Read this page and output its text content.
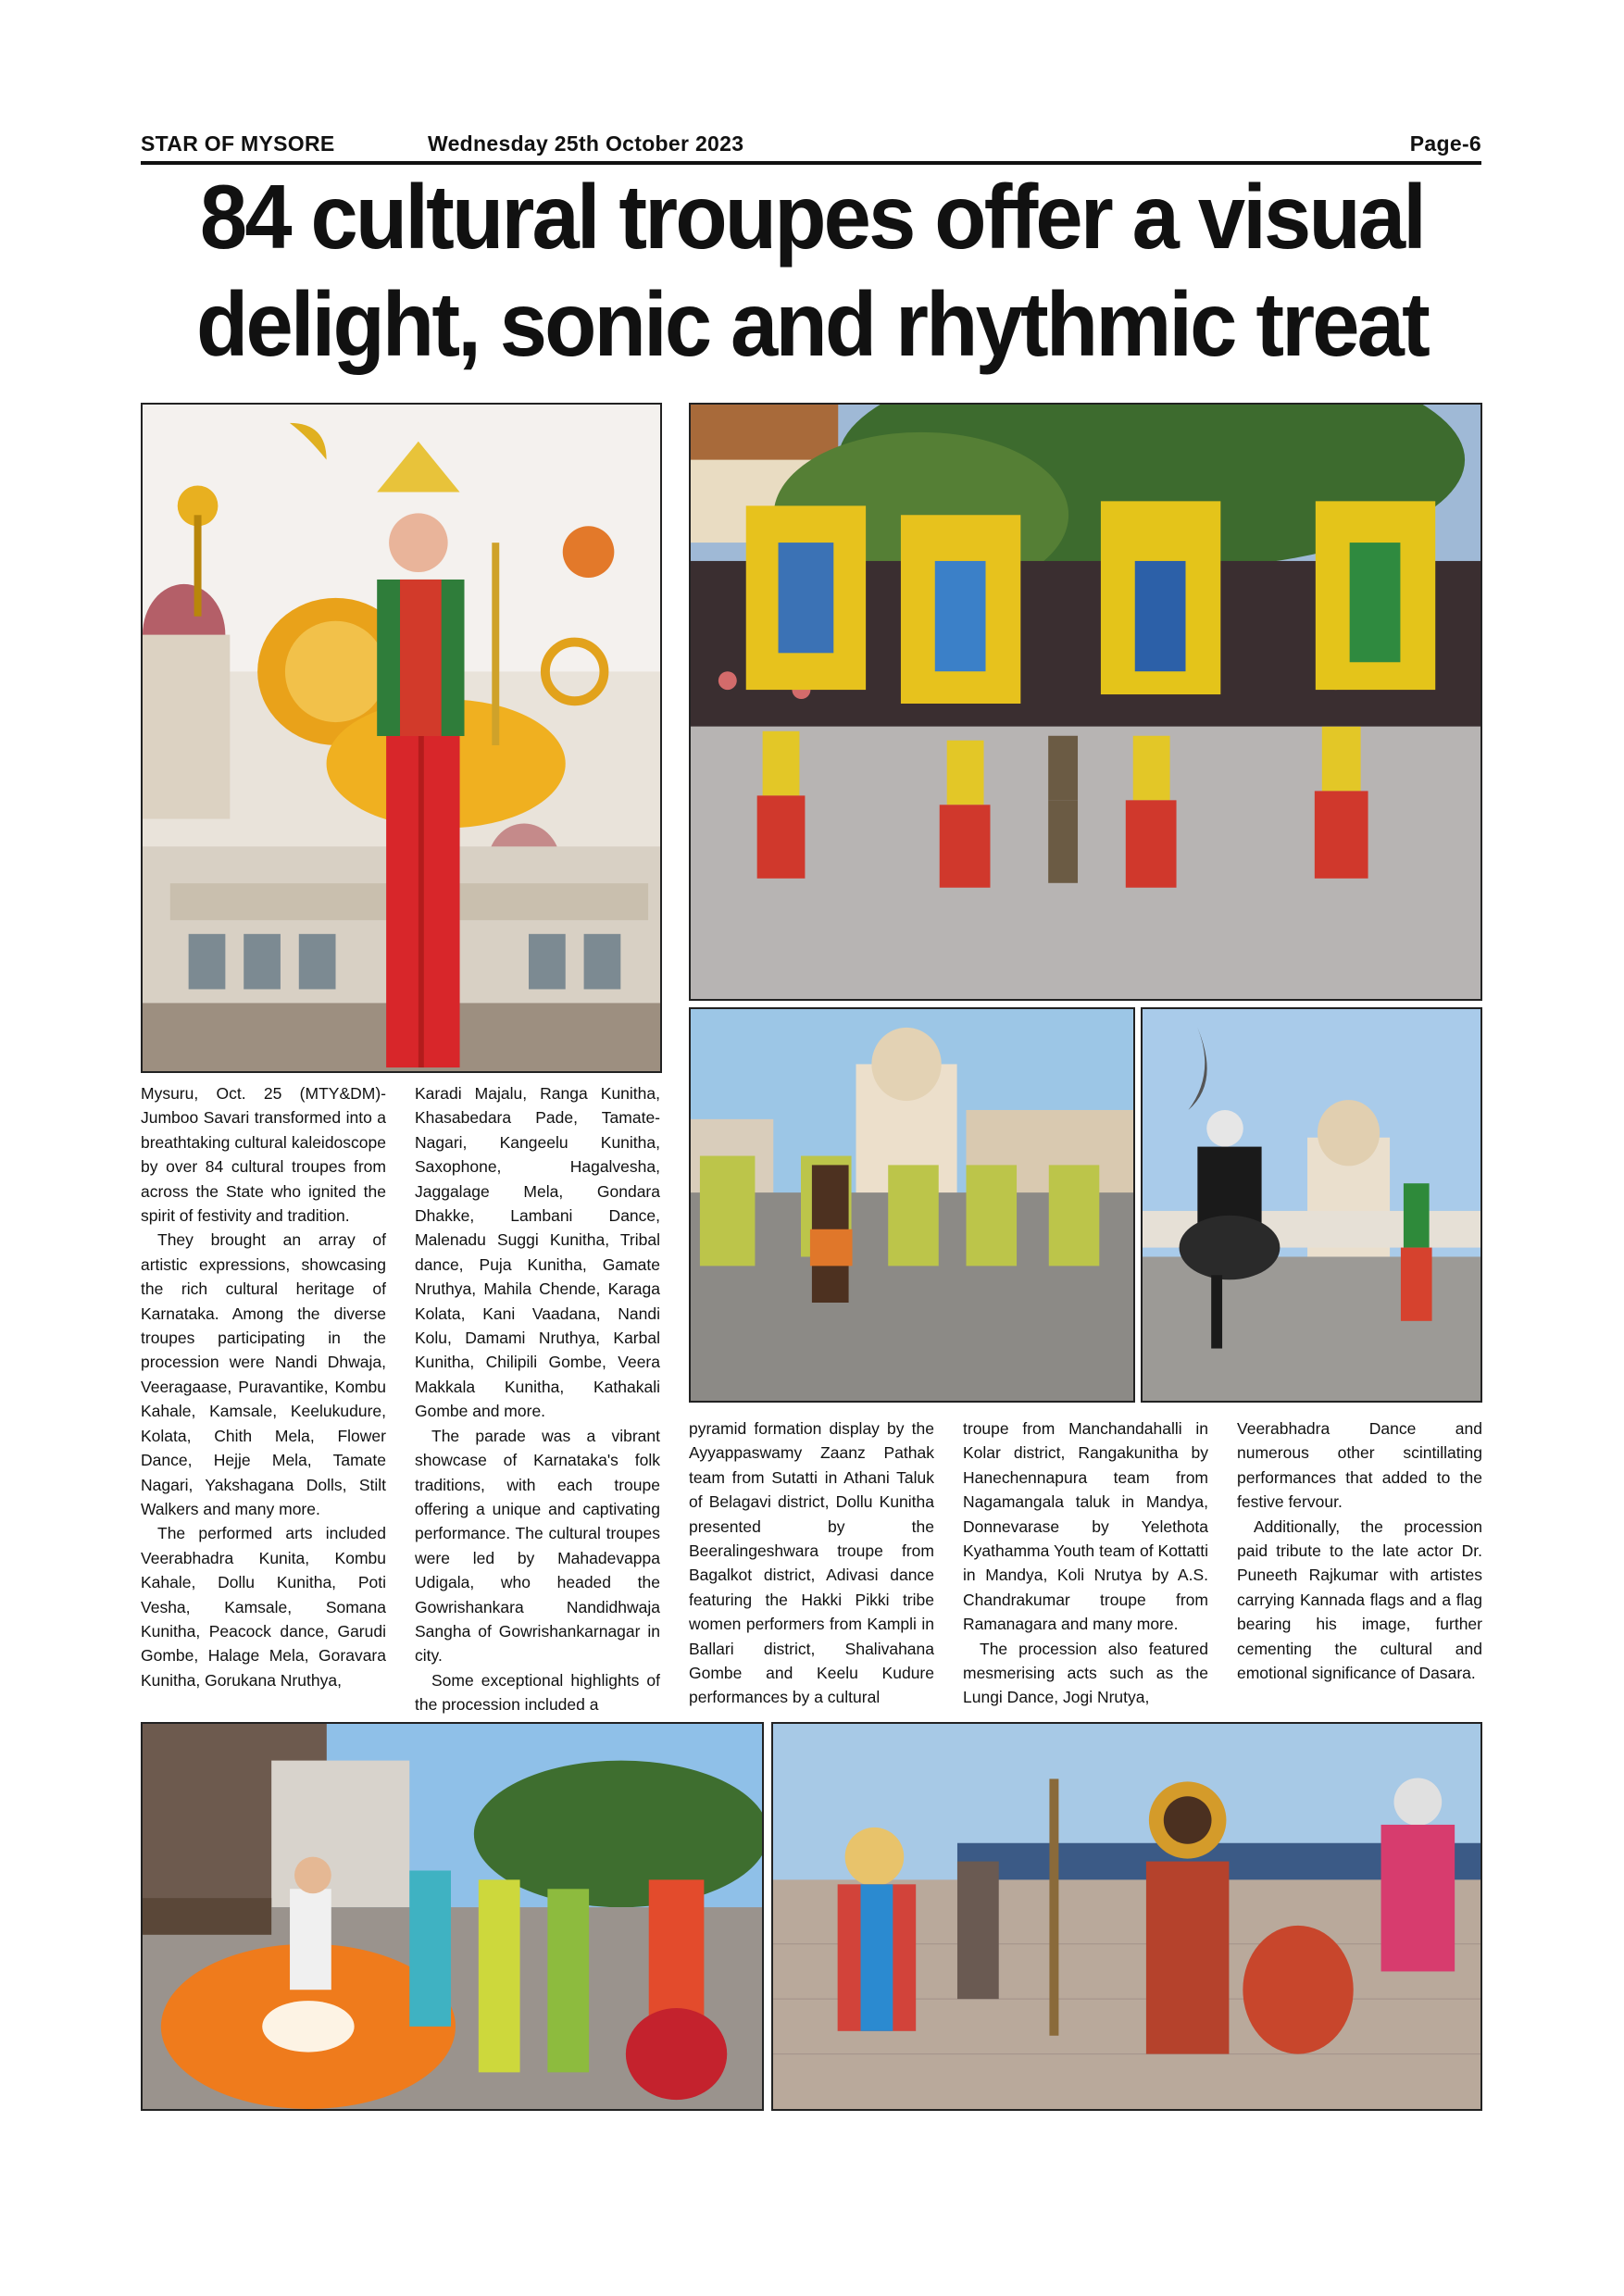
STAR OF MYSORE	Wednesday 25th October 2023	Page-6
84 cultural troupes offer a visual
delight, sonic and rhythmic treat

Mysuru, Oct. 25 (MTY&DM)- Jumboo Savari transformed into a breathtaking cultural kaleidoscope by over 84 cultural troupes from across the State who ignited the spirit of festivity and tradition.

They brought an array of artistic expressions, showcasing the rich cultural heritage of Karnataka. Among the diverse troupes participating in the procession were Nandi Dhwaja, Veeragaase, Puravantike, Kombu Kahale, Kamsale, Keelukudure, Kolata, Chith Mela, Flower Dance, Hejje Mela, Tamate Nagari, Yakshagana Dolls, Stilt Walkers and many more.

The performed arts included Veerabhadra Kunita, Kombu Kahale, Dollu Kunitha, Poti Vesha, Kamsale, Somana Kunitha, Peacock dance, Garudi Gombe, Halage Mela, Goravara Kunitha, Gorukana Nruthya,

Karadi Majalu, Ranga Kunitha, Khasabedara Pade, Tamate-Nagari, Kangeelu Kunitha, Saxophone, Hagalvesha, Jaggalage Mela, Gondara Dhakke, Lambani Dance, Malenadu Suggi Kunitha, Tribal dance, Puja Kunitha, Gamate Nruthya, Mahila Chende, Karaga Kolata, Kani Vaadana, Nandi Kolu, Damami Nruthya, Karbal Kunitha, Chilipili Gombe, Veera Makkala Kunitha, Kathakali Gombe and more.

The parade was a vibrant showcase of Karnataka's folk traditions, with each troupe offering a unique and captivating performance. The cultural troupes were led by Mahadevappa Udigala, who headed the Gowrishankara Nandidhwaja Sangha of Gowrishankarnagar in city.

Some exceptional highlights of the procession included a

pyramid formation display by the Ayyappaswamy Zaanz Pathak team from Sutatti in Athani Taluk of Belagavi district, Dollu Kunitha presented by the Beeralingeshwara troupe from Bagalkot district, Adivasi dance featuring the Hakki Pikki tribe women performers from Kampli in Ballari district, Shalivahana Gombe and Keelu Kudure performances by a cultural

troupe from Manchandahalli in Kolar district, Rangakunitha by Hanechennapura team from Nagamangala taluk in Mandya, Donnevarase by Yelethota Kyathamma Youth team of Kottatti in Mandya, Koli Nrutya by A.S. Chandrakumar troupe from Ramanagara and many more.

The procession also featured mesmerising acts such as the Lungi Dance, Jogi Nrutya,

Veerabhadra Dance and numerous other scintillating performances that added to the festive fervour.

Additionally, the procession paid tribute to the late actor Dr. Puneeth Rajkumar with artistes carrying Kannada flags and a flag bearing his image, further cementing the cultural and emotional significance of Dasara.
